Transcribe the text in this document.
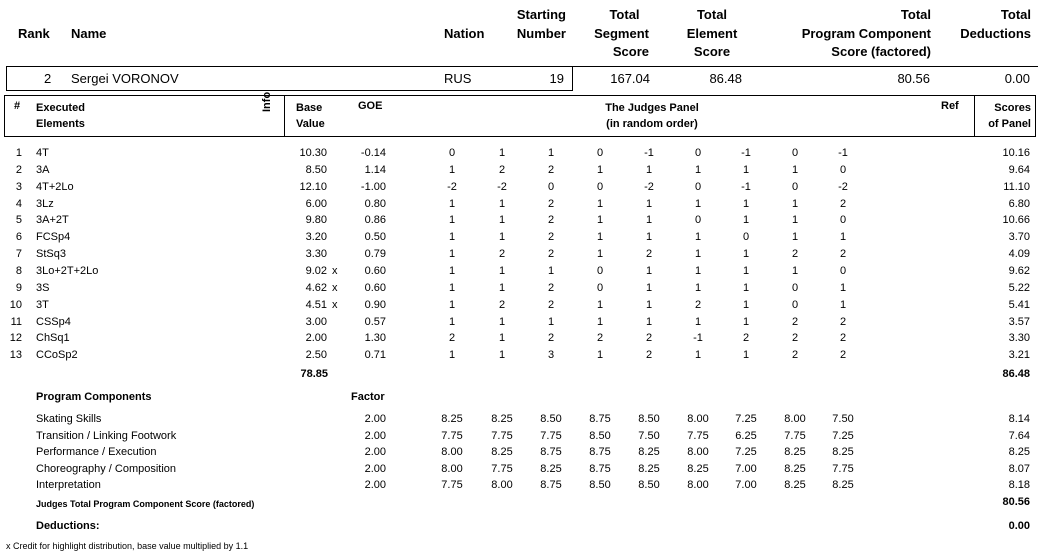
Rank Name	Nation
Starting
Number
Total
Segment
Score
Total
Element
Score
Total
Program Component
Score (factored)
Total
Deductions
2 Sergei VORONOV	RUS	19	167.04	86.48	80.56	0.00
# Executed
Elements
Info Base
Value
GOE	The Judges Panel
(in random order)
Ref	Scores
of Panel
1 4T	10.30	-0.14	0	1	1	0	-1	0	-1	0	-1	10.16
2 3A	8.50	1.14	1	2	2	1	1	1	1	1	0	9.64
3 4T+2Lo	12.10	-1.00	-2	-2	0	0	-2	0	-1	0	-2	11.10
4 3Lz	6.00	0.80	1	1	2	1	1	1	1	1	2	6.80
5 3A+2T	9.80	0.86	1	1	2	1	1	0	1	1	0	10.66
6 FCSp4	3.20	0.50	1	1	2	1	1	1	0	1	1	3.70
7 StSq3	3.30	0.79	1	2	2	1	2	1	1	2	2	4.09
8 3Lo+2T+2Lo	9.02 x	0.60	1	1	1	0	1	1	1	1	0	9.62
9 3S	4.62 x	0.60	1	1	2	0	1	1	1	0	1	5.22
10 3T	4.51 x	0.90	1	2	2	1	1	2	1	0	1	5.41
11 CSSp4	3.00	0.57	1	1	1	1	1	1	1	2	2	3.57
12 ChSq1	2.00	1.30	2	1	2	2	2	-1	2	2	2	3.30
13 CCoSp2	2.50	0.71	1	1	3	1	2	1	1	2	2	3.21
78.85	86.48
Program Components	Factor
Skating Skills	2.00	8.25	8.25	8.50	8.75	8.50	8.00	7.25	8.00	7.50	8.14
Transition / Linking Footwork	2.00	7.75	7.75	7.75	8.50	7.50	7.75	6.25	7.75	7.25	7.64
Performance / Execution	2.00	8.00	8.25	8.75	8.75	8.25	8.00	7.25	8.25	8.25	8.25
Choreography / Composition	2.00	8.00	7.75	8.25	8.75	8.25	8.25	7.00	8.25	7.75	8.07
Interpretation	2.00	7.75	8.00	8.75	8.50	8.50	8.00	7.00	8.25	8.25	8.18
Judges Total Program Component Score (factored)	80.56
Deductions:	0.00
x Credit for highlight distribution, base value multiplied by 1.1
